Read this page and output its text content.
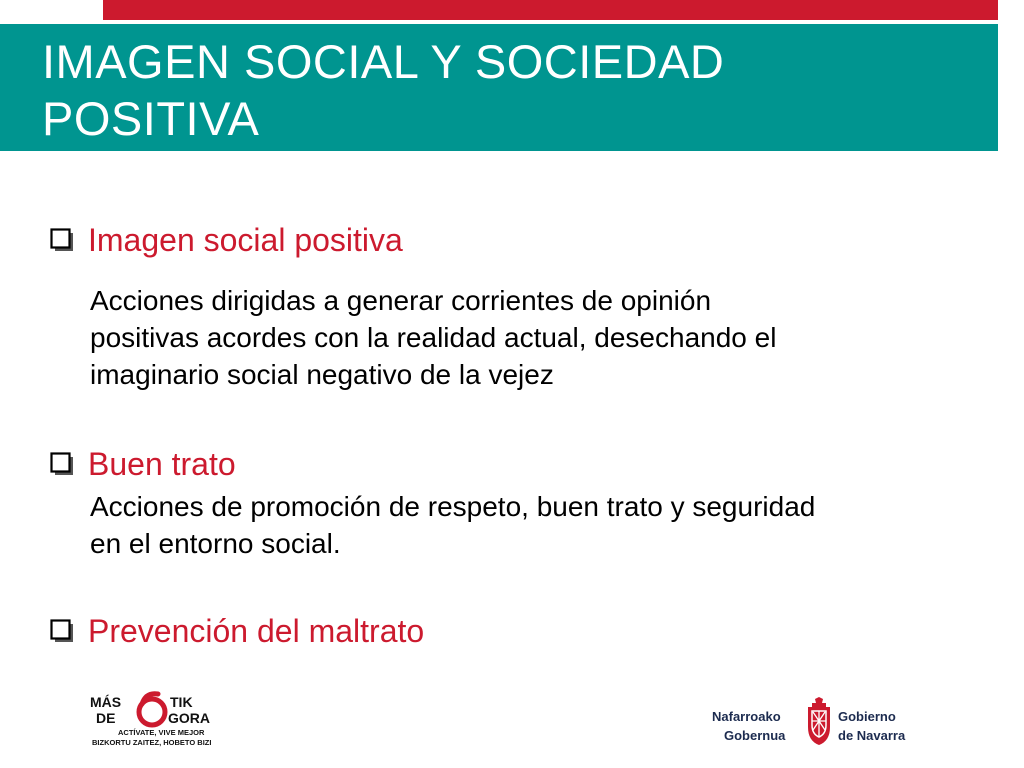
IMAGEN SOCIAL Y SOCIEDAD
POSITIVA
Imagen social positiva

Acciones dirigidas a generar corrientes de opinión
positivas acordes con la realidad actual, desechando el
imaginario social negativo de la vejez

Buen trato

Acciones de promoción de respeto, buen trato y seguridad
en el entorno social.

Prevención del maltrato
MÁS
DE
TIK
GORA
ACTÍVATE, VIVE MEJOR
BIZKORTU ZAITEZ, HOBETO BIZI
Nafarroako
Gobernua
Gobierno
de Navarra
